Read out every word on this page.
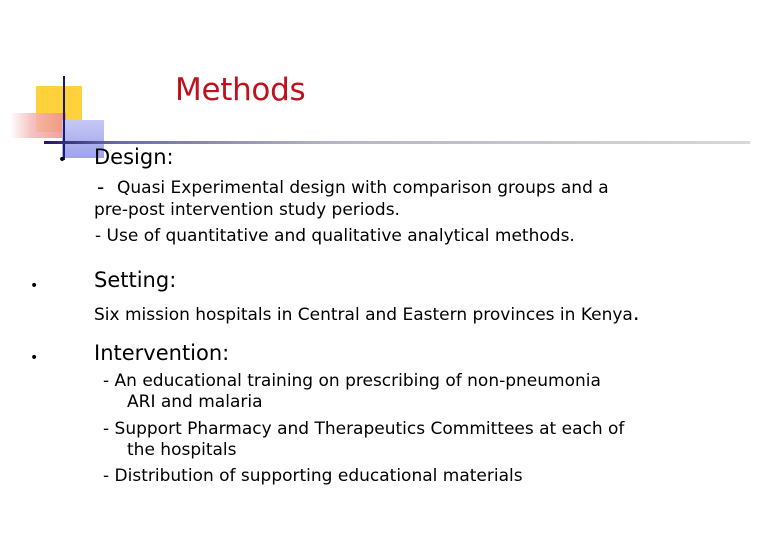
Methods
• Design:
- Quasi Experimental design with comparison groups and a
pre-post intervention study periods.
- Use of quantitative and qualitative analytical methods.
•	Setting:
Six mission hospitals in Central and Eastern provinces in Kenya.
•	Intervention:
- An educational training on prescribing of non-pneumonia
ARI and malaria
- Support Pharmacy and Therapeutics Committees at each of
the hospitals
- Distribution of supporting educational materials
